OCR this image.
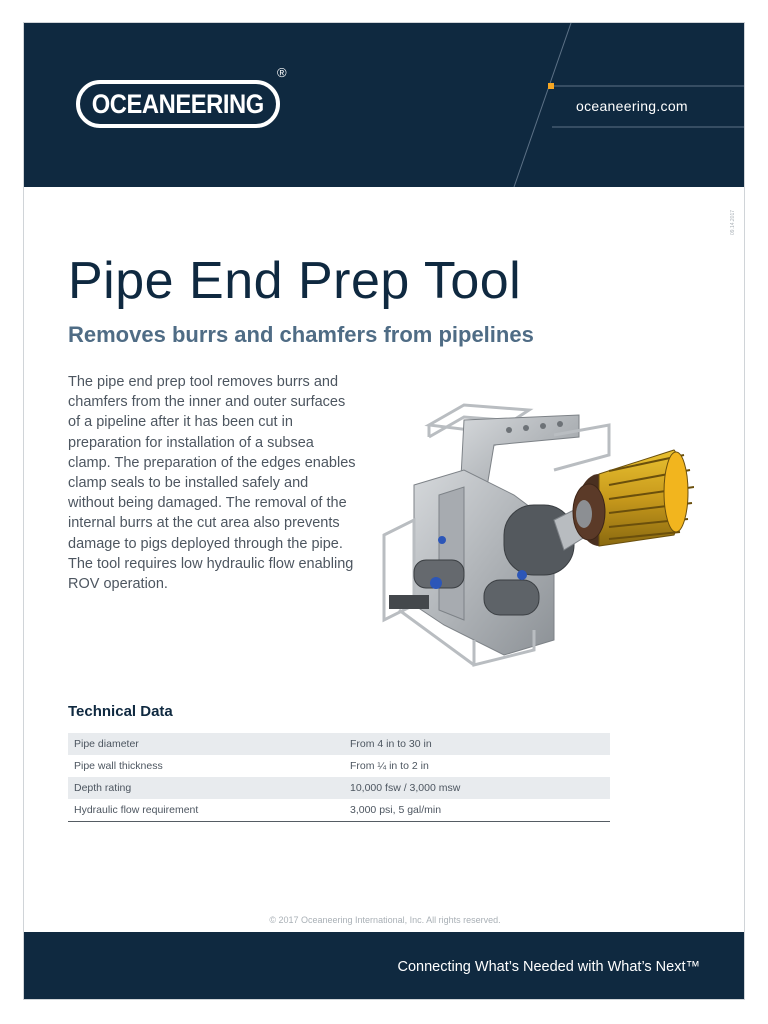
OCEANEERING
®
oceaneering.com
09.14.2017
Pipe End Prep Tool
Removes burrs and chamfers from pipelines

The pipe end prep tool removes burrs and chamfers from the inner and outer surfaces of a pipeline after it has been cut in preparation for installation of a subsea clamp. The preparation of the edges enables clamp seals to be installed safely and without being damaged. The removal of the internal burrs at the cut area also prevents damage to pigs deployed through the pipe. The tool requires low hydraulic flow enabling ROV operation.

Technical Data
Pipe diameter	From 4 in to 30 in
Pipe wall thickness	From ¼ in to 2 in
Depth rating	10,000 fsw / 3,000 msw
Hydraulic flow requirement	3,000 psi, 5 gal/min
© 2017 Oceaneering International, Inc. All rights reserved.
Connecting What’s Needed with What’s Next™
